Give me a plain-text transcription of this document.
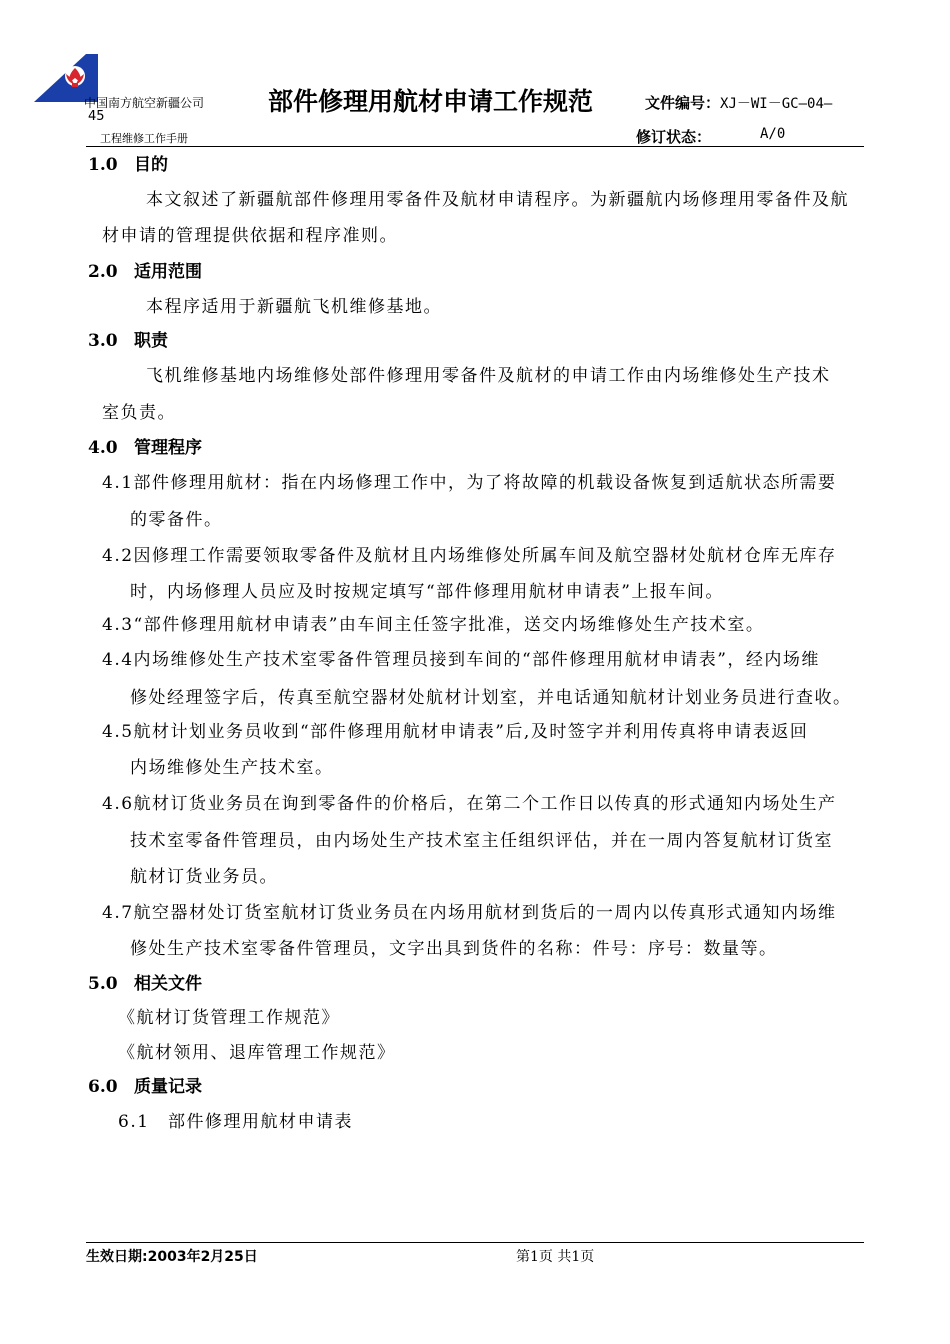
中国南方航空新疆公司
45
部件修理用航材申请工作规范	文件编号：XJ－WI－GC—04—
工程维修工作手册	修订状态：	A/0
1.0 目的
本文叙述了新疆航部件修理用零备件及航材申请程序。为新疆航内场修理用零备件及航
材申请的管理提供依据和程序准则。
2.0 适用范围
本程序适用于新疆航飞机维修基地。
3.0 职责
飞机维修基地内场维修处部件修理用零备件及航材的申请工作由内场维修处生产技术
室负责。
4.0 管理程序
4.1部件修理用航材：指在内场修理工作中，为了将故障的机载设备恢复到适航状态所需要
的零备件。
4.2因修理工作需要领取零备件及航材且内场维修处所属车间及航空器材处航材仓库无库存
时，内场修理人员应及时按规定填写“部件修理用航材申请表”上报车间。
4.3“部件修理用航材申请表”由车间主任签字批准，送交内场维修处生产技术室。
4.4内场维修处生产技术室零备件管理员接到车间的“部件修理用航材申请表”，经内场维
修处经理签字后，传真至航空器材处航材计划室，并电话通知航材计划业务员进行查收。
4.5航材计划业务员收到“部件修理用航材申请表”后,及时签字并利用传真将申请表返回
内场维修处生产技术室。
4.6航材订货业务员在询到零备件的价格后，在第二个工作日以传真的形式通知内场处生产
技术室零备件管理员，由内场处生产技术室主任组织评估，并在一周内答复航材订货室
航材订货业务员。
4.7航空器材处订货室航材订货业务员在内场用航材到货后的一周内以传真形式通知内场维
修处生产技术室零备件管理员，文字出具到货件的名称：件号：序号：数量等。
5.0 相关文件
《航材订货管理工作规范》
《航材领用、退库管理工作规范》
6.0 质量记录
6.1　部件修理用航材申请表
生效日期:2003年2月25日	第1页 共1页
